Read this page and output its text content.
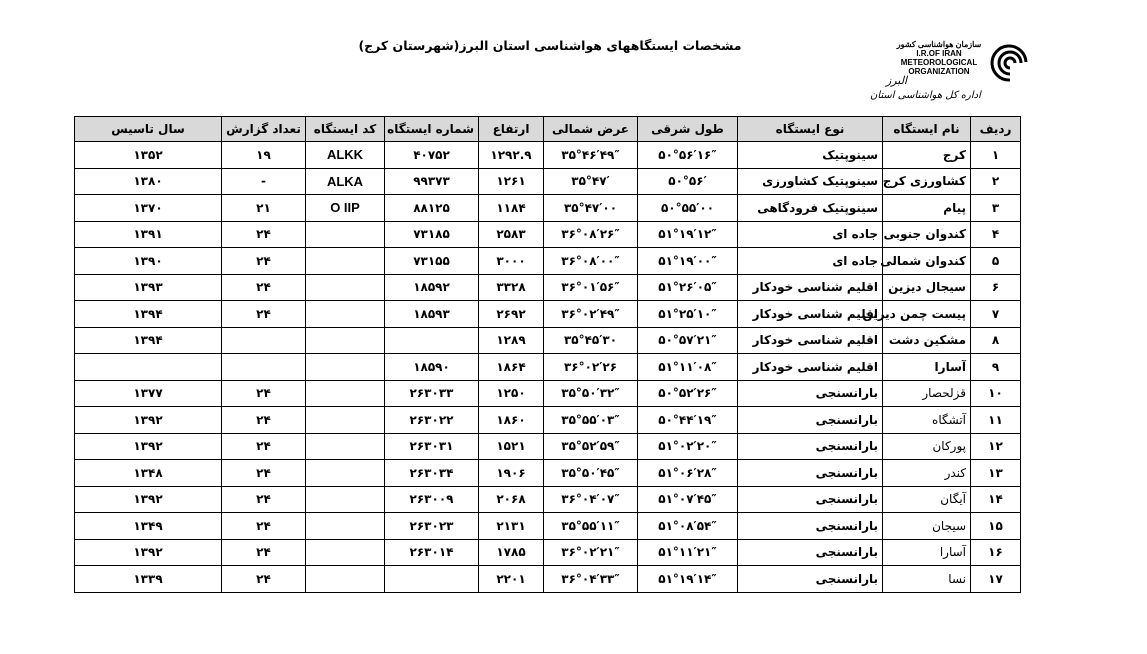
سازمان هواشناسی کشور
I.R.OF IRAN
METEOROLOGICAL
ORGANIZATION
البرز
اداره کل هواشناسی استان
مشخصات ایستگاههای هواشناسی استان البرز(شهرستان کرج)
ردیف	نام ایستگاه	نوع ایستگاه	طول شرقی	عرض شمالی	ارتفاع	شماره ایستگاه	کد ایستگاه	تعداد گزارش	سال تاسیس
۱	کرج	سینوپتیک	۵۰°۵۶′۱۶″	۳۵°۴۶′۴۹″	۱۲۹۲.۹	۴۰۷۵۲	ALKK	۱۹	۱۳۵۲
۲	کشاورزی کرج	سینوپتیک کشاورزی	۵۰°۵۶′	۳۵°۴۷′	۱۲۶۱	۹۹۳۷۳	ALKA	-	۱۳۸۰
۳	پیام	سینوپتیک فرودگاهی	۵۰°۵۵′۰۰	۳۵°۴۷′۰۰	۱۱۸۴	۸۸۱۲۵	O IIP	۲۱	۱۳۷۰
۴	کندوان جنوبی	جاده ای	۵۱°۱۹′۱۲″	۳۶°۰۸′۲۶″	۲۵۸۳	۷۳۱۸۵		۲۴	۱۳۹۱
۵	کندوان شمالی	جاده ای	۵۱°۱۹′۰۰″	۳۶°۰۸′۰۰″	۳۰۰۰	۷۳۱۵۵		۲۴	۱۳۹۰
۶	سیجال دیزین	اقلیم شناسی خودکار	۵۱°۲۶′۰۵″	۳۶°۰۱′۵۶″	۳۳۲۸	۱۸۵۹۲		۲۴	۱۳۹۳
۷	پیست چمن دیزین	اقلیم شناسی خودکار	۵۱°۲۵′۱۰″	۳۶°۰۲′۴۹″	۲۶۹۲	۱۸۵۹۳		۲۴	۱۳۹۴
۸	مشکین دشت	اقلیم شناسی خودکار	۵۰°۵۷′۲۱″	۳۵°۴۵′۳۰	۱۲۸۹				۱۳۹۴
۹	آسارا	اقلیم شناسی خودکار	۵۱°۱۱′۰۸″	۳۶°۰۲′۲۶	۱۸۶۴	۱۸۵۹۰			
۱۰	قزلحصار	بارانسنجی	۵۰°۵۲′۲۶″	۳۵°۵۰′۳۲″	۱۲۵۰	۲۶۳۰۳۳		۲۴	۱۳۷۷
۱۱	آتشگاه	بارانسنجی	۵۰°۴۴′۱۹″	۳۵°۵۵′۰۳″	۱۸۶۰	۲۶۳۰۲۲		۲۴	۱۳۹۲
۱۲	پورکان	بارانسنجی	۵۱°۰۲′۲۰″	۳۵°۵۲′۵۹″	۱۵۲۱	۲۶۳۰۳۱		۲۴	۱۳۹۲
۱۳	کندر	بارانسنجی	۵۱°۰۶′۲۸″	۳۵°۵۰′۴۵″	۱۹۰۶	۲۶۳۰۳۴		۲۴	۱۳۴۸
۱۴	آیگان	بارانسنجی	۵۱°۰۷′۴۵″	۳۶°۰۴′۰۷″	۲۰۶۸	۲۶۳۰۰۹		۲۴	۱۳۹۲
۱۵	سیجان	بارانسنجی	۵۱°۰۸′۵۴″	۳۵°۵۵′۱۱″	۲۱۳۱	۲۶۳۰۲۳		۲۴	۱۳۴۹
۱۶	آسارا	بارانسنجی	۵۱°۱۱′۲۱″	۳۶°۰۲′۲۱″	۱۷۸۵	۲۶۳۰۱۴		۲۴	۱۳۹۲
۱۷	نسا	بارانسنجی	۵۱°۱۹′۱۴″	۳۶°۰۴′۳۳″	۲۲۰۱			۲۴	۱۳۳۹
